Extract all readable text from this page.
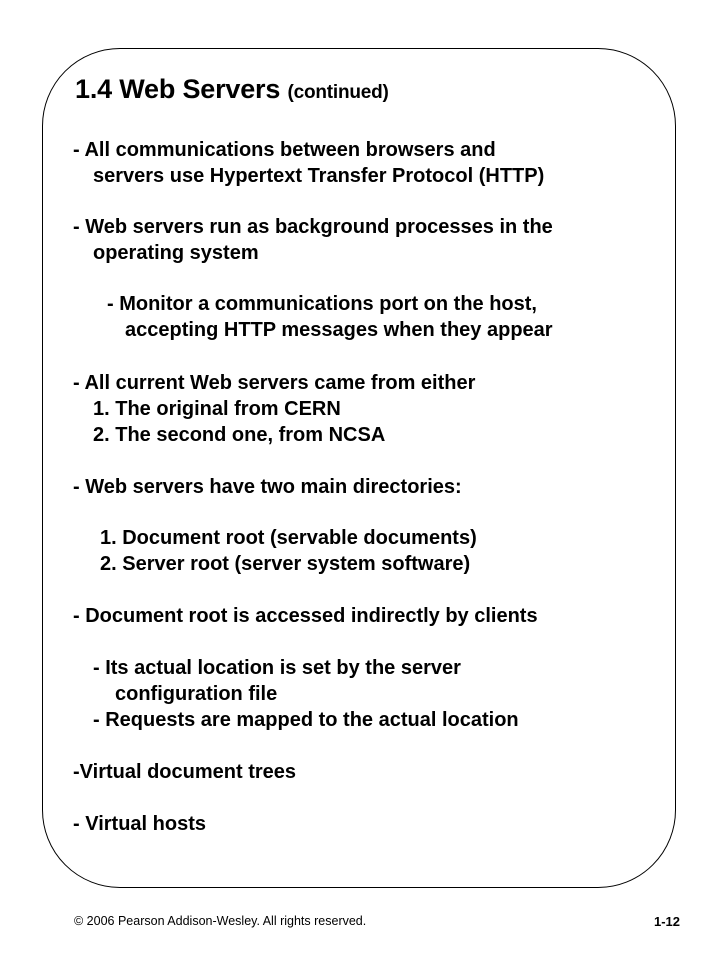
1.4 Web Servers (continued)
- All communications between browsers and
servers use Hypertext Transfer Protocol (HTTP)
- Web servers run as background processes in the
operating system
- Monitor a communications port on the host,
accepting HTTP messages when they appear
- All current Web servers came from either
1. The original from CERN
2. The second one, from NCSA
- Web servers have two main directories:
1. Document root (servable documents)
2. Server root (server system software)
- Document root is accessed indirectly by clients
- Its actual location is set by the server
configuration file
- Requests are mapped to the actual location
-Virtual document trees
- Virtual hosts
© 2006 Pearson Addison-Wesley. All rights reserved.	1-12
